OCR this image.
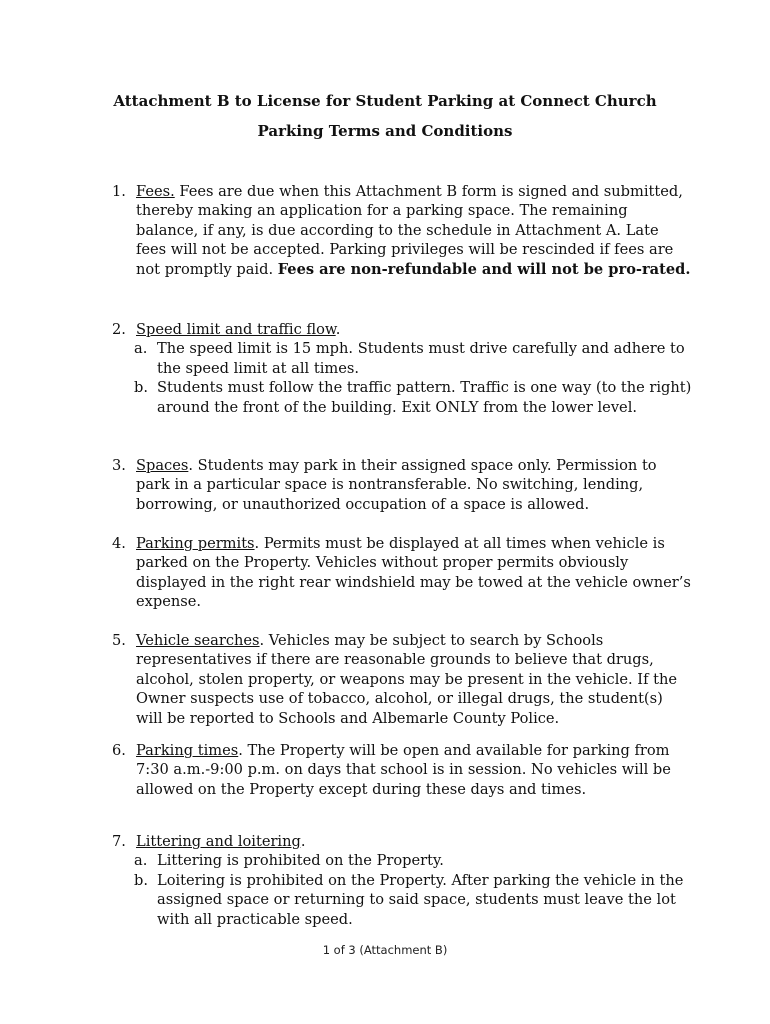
Attachment B to License for Student Parking at Connect Church
Parking Terms and Conditions
1. Fees. Fees are due when this Attachment B form is signed and submitted, thereby making an application for a parking space. The remaining balance, if any, is due according to the schedule in Attachment A. Late fees will not be accepted. Parking privileges will be rescinded if fees are not promptly paid. Fees are non-refundable and will not be pro-rated.
2. Speed limit and traffic flow.
a. The speed limit is 15 mph. Students must drive carefully and adhere to the speed limit at all times.
b. Students must follow the traffic pattern. Traffic is one way (to the right) around the front of the building. Exit ONLY from the lower level.
3. Spaces. Students may park in their assigned space only. Permission to park in a particular space is nontransferable. No switching, lending, borrowing, or unauthorized occupation of a space is allowed.
4. Parking permits. Permits must be displayed at all times when vehicle is parked on the Property. Vehicles without proper permits obviously displayed in the right rear windshield may be towed at the vehicle owner’s expense.
5. Vehicle searches. Vehicles may be subject to search by Schools representatives if there are reasonable grounds to believe that drugs, alcohol, stolen property, or weapons may be present in the vehicle. If the Owner suspects use of tobacco, alcohol, or illegal drugs, the student(s) will be reported to Schools and Albemarle County Police.
6. Parking times. The Property will be open and available for parking from 7:30 a.m.-9:00 p.m. on days that school is in session. No vehicles will be allowed on the Property except during these days and times.
7. Littering and loitering.
a. Littering is prohibited on the Property.
b. Loitering is prohibited on the Property. After parking the vehicle in the assigned space or returning to said space, students must leave the lot with all practicable speed.
1 of 3 (Attachment B)
